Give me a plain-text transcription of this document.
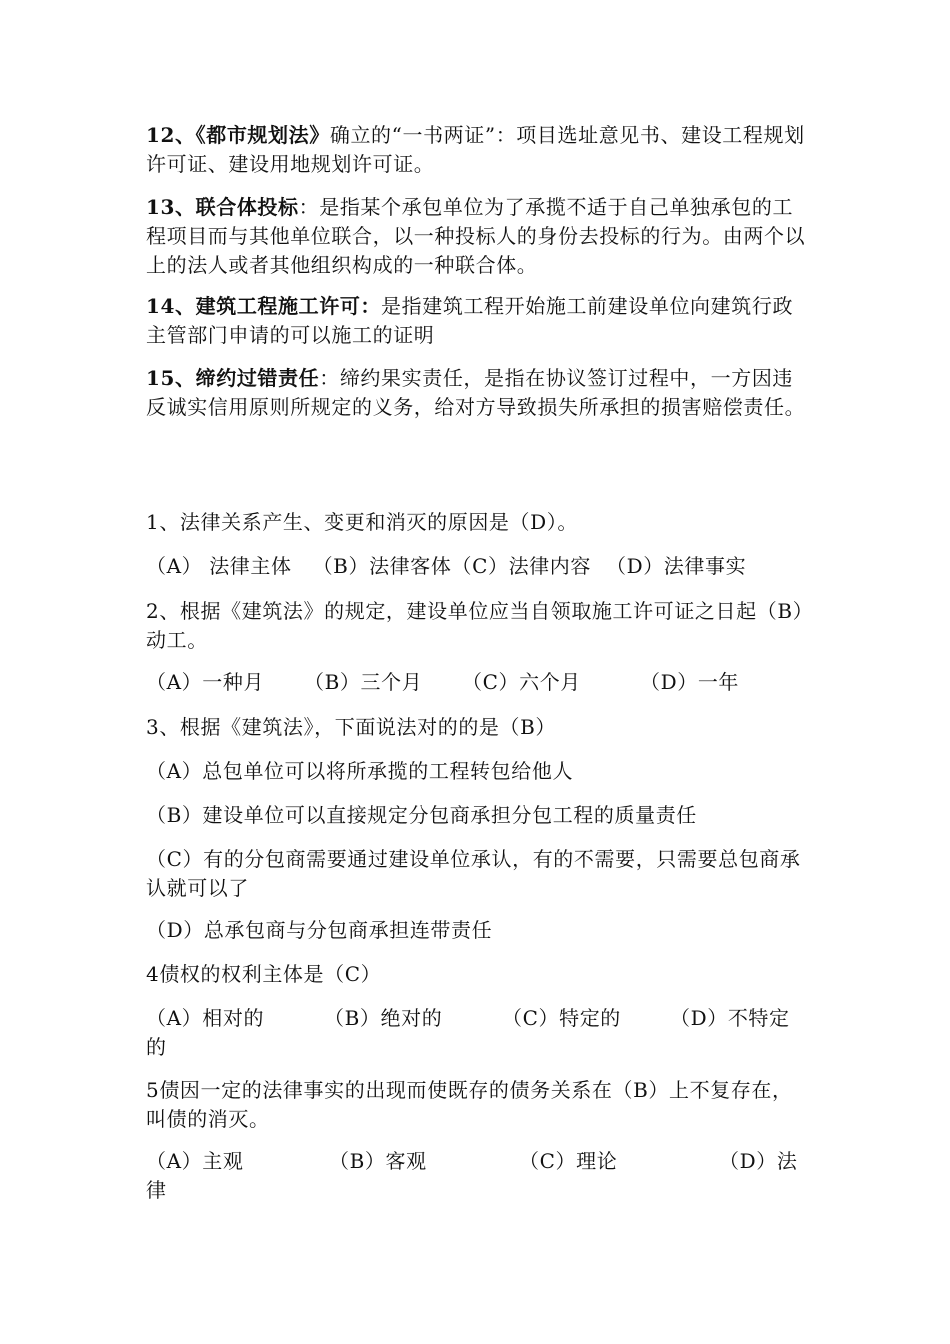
12、《都市规划法》确立的“一书两证”：项目选址意见书、建设工程规划许可证、建设用地规划许可证。
13、联合体投标：是指某个承包单位为了承揽不适于自己单独承包的工程项目而与其他单位联合，以一种投标人的身份去投标的行为。由两个以上的法人或者其他组织构成的一种联合体。
14、建筑工程施工许可：是指建筑工程开始施工前建设单位向建筑行政主管部门申请的可以施工的证明
15、缔约过错责任：缔约果实责任，是指在协议签订过程中，一方因违反诚实信用原则所规定的义务，给对方导致损失所承担的损害赔偿责任。
1、法律关系产生、变更和消灭的原因是（D）。
（A） 法律主体 （B）法律客体（C）法律内容 （D）法律事实
2、根据《建筑法》的规定，建设单位应当自领取施工许可证之日起（B）动工。
（A）一种月 （B）三个月 （C）六个月	（D）一年
3、根据《建筑法》，下面说法对的的是（B）
（A）总包单位可以将所承揽的工程转包给他人
（B）建设单位可以直接规定分包商承担分包工程的质量责任
（C）有的分包商需要通过建设单位承认，有的不需要，只需要总包商承认就可以了
（D）总承包商与分包商承担连带责任
4债权的权利主体是（C）
（A）相对的	（B）绝对的	（C）特定的 （D）不特定的
5债因一定的法律事实的出现而使既存的债务关系在（B）上不复存在，叫债的消灭。
（A）主观	（B）客观	（C）理论	（D）法律
